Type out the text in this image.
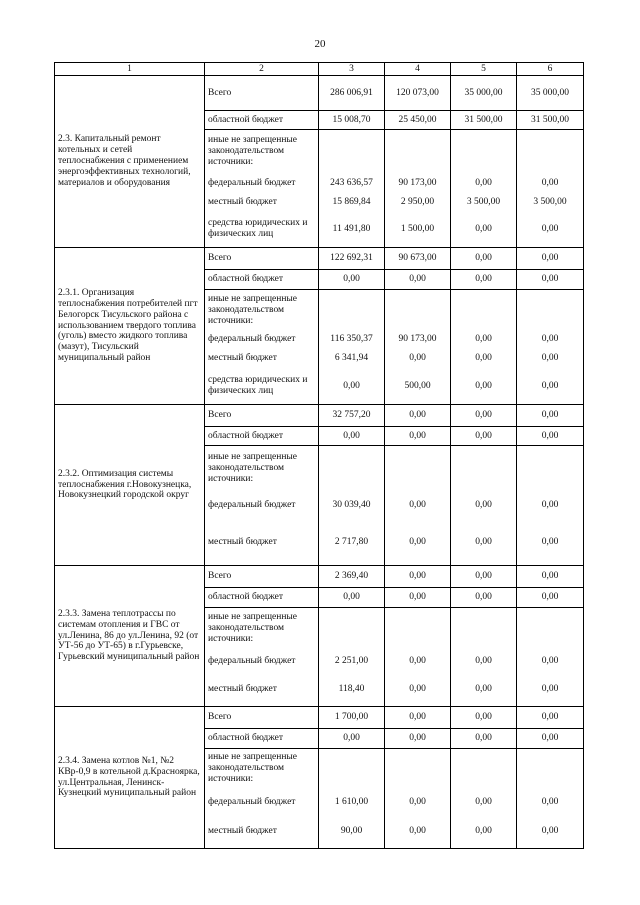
20
1	2	3	4	5	6
2.3. Капитальный ремонт котельных и сетей теплоснабжения с применением энергоэффективных технологий, материалов и оборудования	Всего	286 006,91	120 073,00	35 000,00	35 000,00
	областной бюджет	15 008,70	25 450,00	31 500,00	31 500,00
	иные не запрещенные законодательством источники:				
	федеральный бюджет	243 636,57	90 173,00	0,00	0,00
	местный бюджет	15 869,84	2 950,00	3 500,00	3 500,00
	средства юридических и физических лиц	11 491,80	1 500,00	0,00	0,00
2.3.1. Организация теплоснабжения потребителей пгт Белогорск Тисульского района с использованием твердого топлива (уголь) вместо жидкого топлива (мазут), Тисульский муниципальный район	Всего	122 692,31	90 673,00	0,00	0,00
	областной бюджет	0,00	0,00	0,00	0,00
	иные не запрещенные законодательством источники:				
	федеральный бюджет	116 350,37	90 173,00	0,00	0,00
	местный бюджет	6 341,94	0,00	0,00	0,00
	средства юридических и физических лиц	0,00	500,00	0,00	0,00
2.3.2. Оптимизация системы теплоснабжения г.Новокузнецка, Новокузнецкий городской округ	Всего	32 757,20	0,00	0,00	0,00
	областной бюджет	0,00	0,00	0,00	0,00
	иные не запрещенные законодательством источники:				
	федеральный бюджет	30 039,40	0,00	0,00	0,00
	местный бюджет	2 717,80	0,00	0,00	0,00
2.3.3. Замена теплотрассы по системам отопления и ГВС от ул.Ленина, 86 до ул.Ленина, 92 (от УТ-56 до УТ-65) в г.Гурьевске, Гурьевский муниципальный район	Всего	2 369,40	0,00	0,00	0,00
	областной бюджет	0,00	0,00	0,00	0,00
	иные не запрещенные законодательством источники:				
	федеральный бюджет	2 251,00	0,00	0,00	0,00
	местный бюджет	118,40	0,00	0,00	0,00
2.3.4. Замена котлов №1, №2 КВр-0,9 в котельной д.Красноярка, ул.Центральная, Ленинск-Кузнецкий муниципальный район	Всего	1 700,00	0,00	0,00	0,00
	областной бюджет	0,00	0,00	0,00	0,00
	иные не запрещенные законодательством источники:				
	федеральный бюджет	1 610,00	0,00	0,00	0,00
	местный бюджет	90,00	0,00	0,00	0,00
